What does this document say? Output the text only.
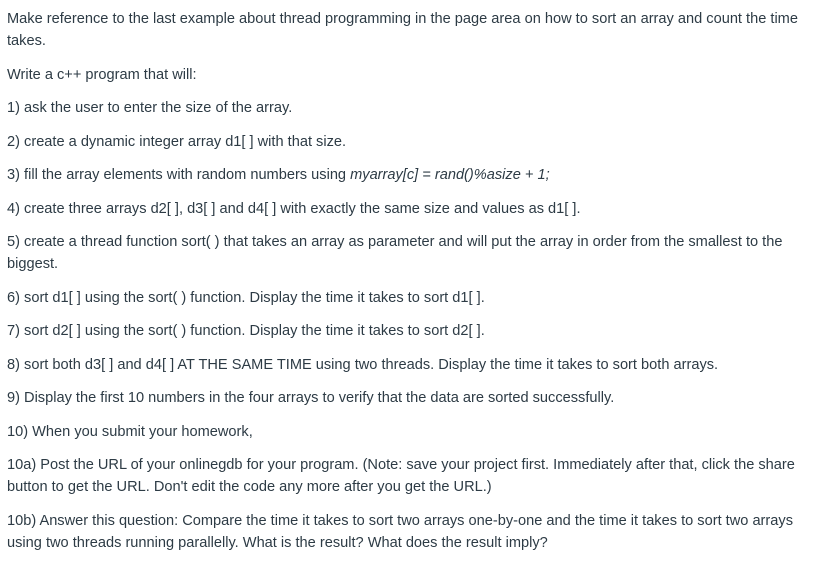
Make reference to the last example about thread programming in the page area on how to sort an array and count the time takes.

Write a c++ program that will:

1) ask the user to enter the size of the array.

2) create a dynamic integer array d1[ ] with that size.

3) fill the array elements with random numbers using myarray[c] = rand()%asize + 1;

4) create three arrays d2[ ], d3[ ] and d4[ ] with exactly the same size and values as d1[ ].

5) create a thread function sort( ) that takes an array as parameter and will put the array in order from the smallest to the biggest.

6) sort d1[ ] using the sort( ) function. Display the time it takes to sort d1[ ].

7) sort d2[ ] using the sort( ) function. Display the time it takes to sort d2[ ].

8) sort both d3[ ] and d4[ ] AT THE SAME TIME using two threads. Display the time it takes to sort both arrays.

9) Display the first 10 numbers in the four arrays to verify that the data are sorted successfully.

10) When you submit your homework,

10a) Post the URL of your onlinegdb for your program. (Note: save your project first. Immediately after that, click the share button to get the URL. Don't edit the code any more after you get the URL.)

10b) Answer this question: Compare the time it takes to sort two arrays one-by-one and the time it takes to sort two arrays using two threads running parallelly. What is the result? What does the result imply?
